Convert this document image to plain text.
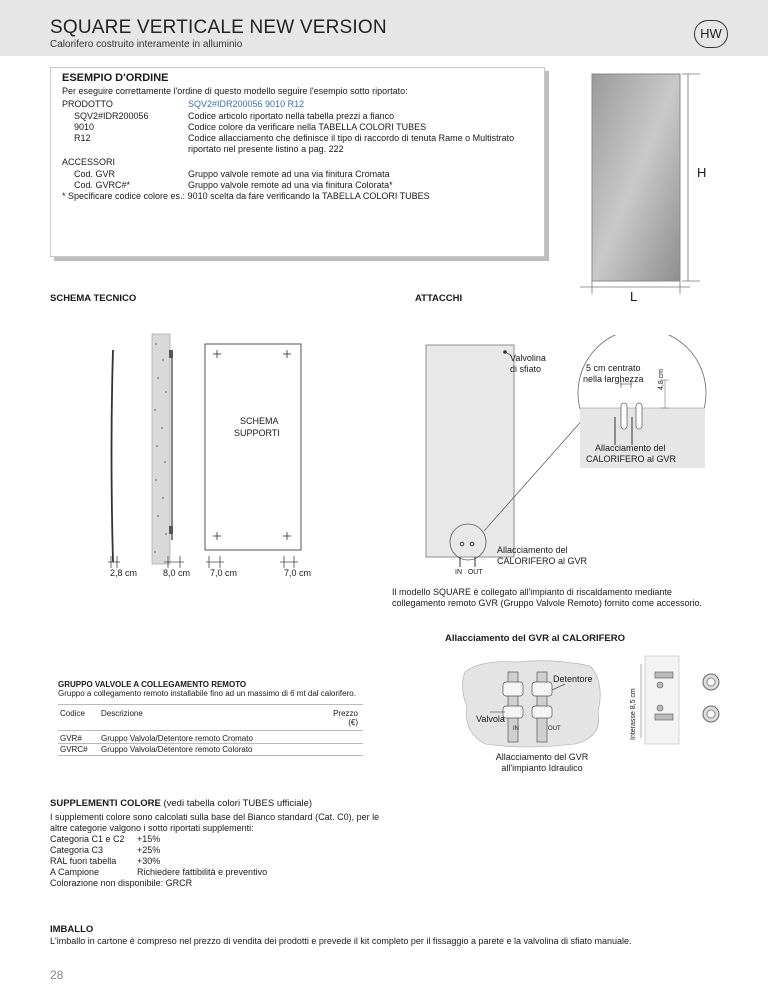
SQUARE VERTICALE NEW VERSION
Calorifero costruito interamente in alluminio
HW
ESEMPIO D'ORDINE
Per eseguire correttamente l'ordine di questo modello seguire l'esempio sotto riportato:
PRODOTTO	SQV2#IDR200056 9010 R12
SQV2#IDR200056	Codice articolo riportato nella tabella prezzi a fianco
9010	Codice colore da verificare nella TABELLA COLORI TUBES
R12	Codice allacciamento che definisce il tipo di raccordo di tenuta Rame o Multistrato
riportato nel presente listino a pag. 222
ACCESSORI
Cod. GVR	Gruppo valvole remote ad una via finitura Cromata
Cod. GVRC#*	Gruppo valvole remote ad una via finitura Colorata*
* Specificare codice colore es.: 9010 scelta da fare verificando la TABELLA COLORI TUBES
H
L
SCHEMA TECNICO
SCHEMA
SUPPORTI
2,8 cm	8,0 cm 7,0 cm	7,0 cm
ATTACCHI
Valvolina
di sfiato	5 cm centrato
nella larghezza 4,8 cm
Allacciamento del
CALORIFERO al GVR
Allacciamento del
CALORIFERO al GVR
IN   OUT
Il modello SQUARE è collegato all'impianto di riscaldamento mediante
collegamento remoto GVR (Gruppo Valvole Remoto) fornito come accessorio.
Allacciamento del GVR al CALORIFERO
Detentore
Valvola
IN	OUT	Interasse 8,5 cm
Allacciamento del GVR
all'impianto Idraulico
GRUPPO VALVOLE A COLLEGAMENTO REMOTO
Gruppo a collegamento remoto installabile fino ad un massimo di 6 mt dal calorifero.
Codice Descrizione	Prezzo
(€)
GVR# Gruppo Valvola/Detentore remoto Cromato
GVRC# Gruppo Valvola/Detentore remoto Colorato
SUPPLEMENTI COLORE (vedi tabella colori TUBES ufficiale)
I supplementi colore sono calcolati sulla base del Bianco standard (Cat. C0), per le
altre categorie valgono i sotto riportati supplementi:
Categoria C1 e C2 +15%
Categoria C3	+25%
RAL fuori tabella +30%
A Campione	Richiedere fattibilità e preventivo
Colorazione non disponibile: GRCR
IMBALLO
L'imballo in cartone è compreso nel prezzo di vendita dei prodotti e prevede il kit completo per il fissaggio a parete e la valvolina di sfiato manuale.
28
